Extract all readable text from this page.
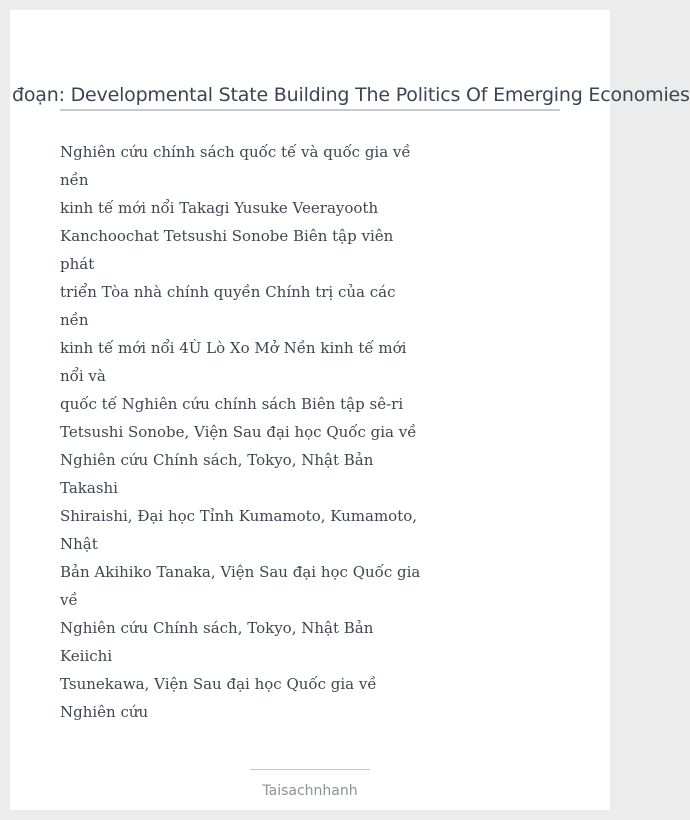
đoạn: Developmental State Building The Politics Of Emerging Economies
Nghiên cứu chính sách quốc tế và quốc gia về
nền
kinh tế mới nổi Takagi Yusuke Veerayooth
Kanchoochat Tetsushi Sonobe Biên tập viên
phát
triển Tòa nhà chính quyền Chính trị của các
nền
kinh tế mới nổi 4Ù Lò Xo Mở Nền kinh tế mới
nổi và
quốc tế Nghiên cứu chính sách Biên tập sê-ri
Tetsushi Sonobe, Viện Sau đại học Quốc gia về
Nghiên cứu Chính sách, Tokyo, Nhật Bản
Takashi
Shiraishi, Đại học Tỉnh Kumamoto, Kumamoto,
Nhật
Bản Akihiko Tanaka, Viện Sau đại học Quốc gia
về
Nghiên cứu Chính sách, Tokyo, Nhật Bản
Keiichi
Tsunekawa, Viện Sau đại học Quốc gia về
Nghiên cứu
Taisachnhanh
